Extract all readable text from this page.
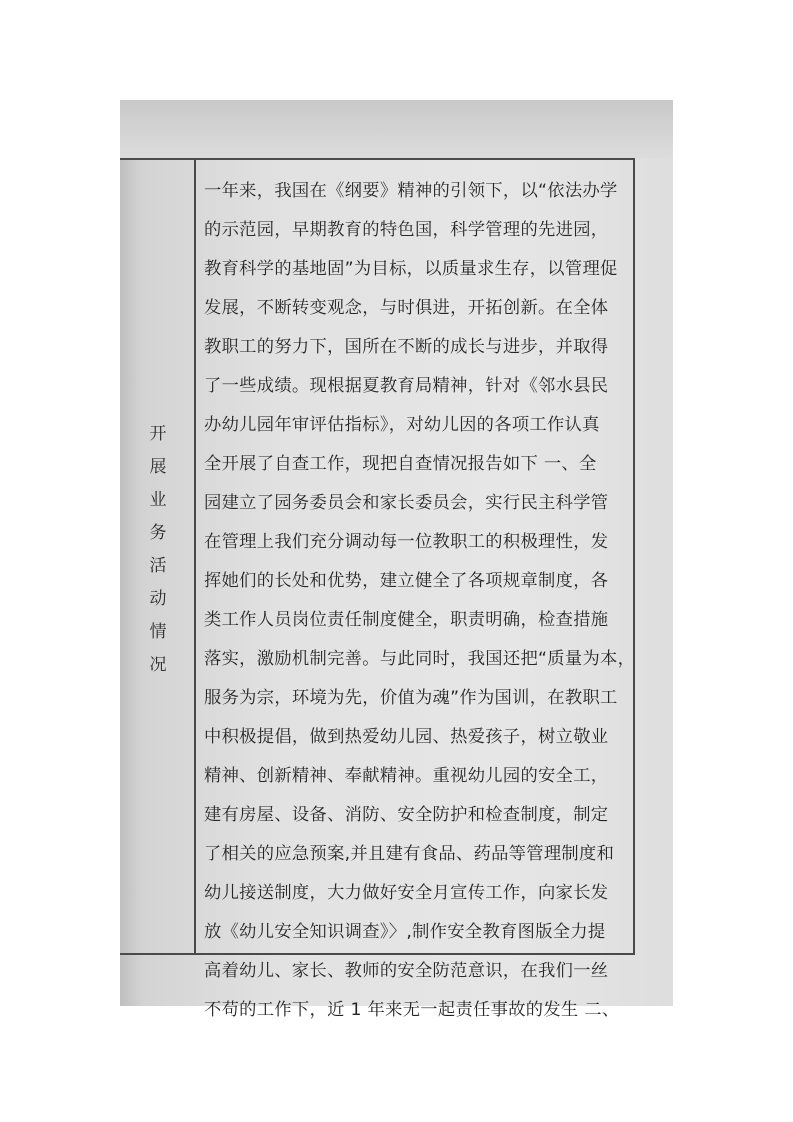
开
展
业
务
活
动
情
况
一年来，我国在《纲要》精神的引领下，以“依法办学
的示范园，早期教育的特色国，科学管理的先进园，
教育科学的基地固”为目标，以质量求生存，以管理促
发展，不断转变观念，与时俱进，开拓创新。在全体
教职工的努力下，国所在不断的成长与进步，并取得
了一些成绩。现根据夏教育局精神，针对《邻水县民
办幼儿园年审评估指标》，对幼儿因的各项工作认真
全开展了自查工作，现把自查情况报告如下 一、全
园建立了园务委员会和家长委员会，实行民主科学管
在管理上我们充分调动每一位教职工的积极理性，发
挥她们的长处和优势，建立健全了各项规章制度，各
类工作人员岗位责任制度健全，职责明确，检查措施
落实，激励机制完善。与此同时，我国还把“质量为本，
服务为宗，环境为先，价值为魂”作为国训，在教职工
中积极提倡，做到热爱幼儿园、热爱孩子，树立敬业
精神、创新精神、奉献精神。重视幼儿园的安全工，
建有房屋、设备、消防、安全防护和检查制度，制定
了相关的应急预案,并且建有食品、药品等管理制度和
幼儿接送制度，大力做好安全月宣传工作，向家长发
放《幼儿安全知识调查》〉,制作安全教育图版全力提
高着幼儿、家长、教师的安全防范意识，在我们一丝
不苟的工作下，近 1 年来无一起责任事故的发生 二、
